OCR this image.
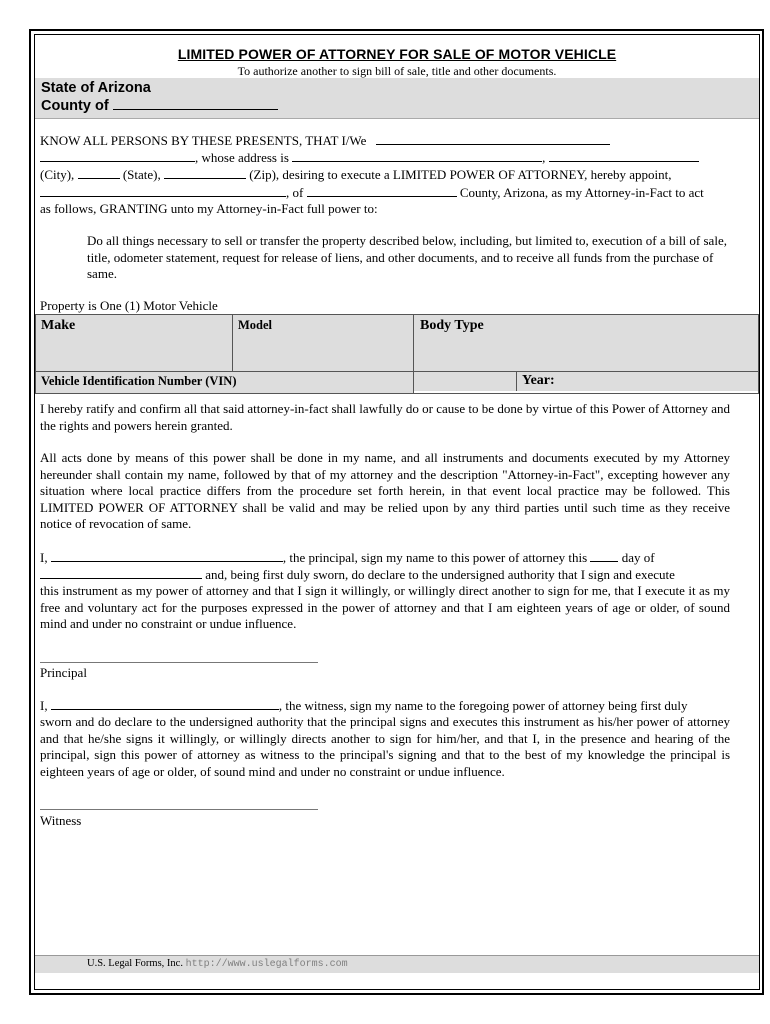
LIMITED POWER OF ATTORNEY FOR SALE OF MOTOR VEHICLE
To authorize another to sign bill of sale, title and other documents.
State of Arizona
County of
KNOW ALL PERSONS BY THESE PRESENTS, THAT I/We
, whose address is	,
(City),	(State),	(Zip), desiring to execute a LIMITED POWER OF ATTORNEY, hereby appoint,
, of	County, Arizona, as my Attorney-in-Fact to act
as follows, GRANTING unto my Attorney-in-Fact full power to:
Do all things necessary to sell or transfer the property described below, including, but limited to, execution of a bill of sale, title, odometer statement, request for release of liens, and other documents, and to receive all funds from the purchase of same.
Property is One (1) Motor Vehicle
Make	Model	Body Type
Vehicle Identification Number (VIN)		Year:
I hereby ratify and confirm all that said attorney-in-fact shall lawfully do or cause to be done by virtue of this Power of Attorney and the rights and powers herein granted.
All acts done by means of this power shall be done in my name, and all instruments and documents executed by my Attorney hereunder shall contain my name, followed by that of my attorney and the description "Attorney-in-Fact", excepting however any situation where local practice differs from the procedure set forth herein, in that event local practice may be followed. This LIMITED POWER OF ATTORNEY shall be valid and may be relied upon by any third parties until such time as they receive notice of revocation of same.
I,	, the principal, sign my name to this power of attorney this	day of
and, being first duly sworn, do declare to the undersigned authority that I sign and execute
this instrument as my power of attorney and that I sign it willingly, or willingly direct another to sign for me, that I execute it as my free and voluntary act for the purposes expressed in the power of attorney and that I am eighteen years of age or older, of sound mind and under no constraint or undue influence.
Principal
I,	, the witness, sign my name to the foregoing power of attorney being first duly
sworn and do declare to the undersigned authority that the principal signs and executes this instrument as his/her power of attorney and that he/she signs it willingly, or willingly directs another to sign for him/her, and that I, in the presence and hearing of the principal, sign this power of attorney as witness to the principal's signing and that to the best of my knowledge the principal is eighteen years of age or older, of sound mind and under no constraint or undue influence.
Witness
U.S. Legal Forms, Inc. http://www.uslegalforms.com
